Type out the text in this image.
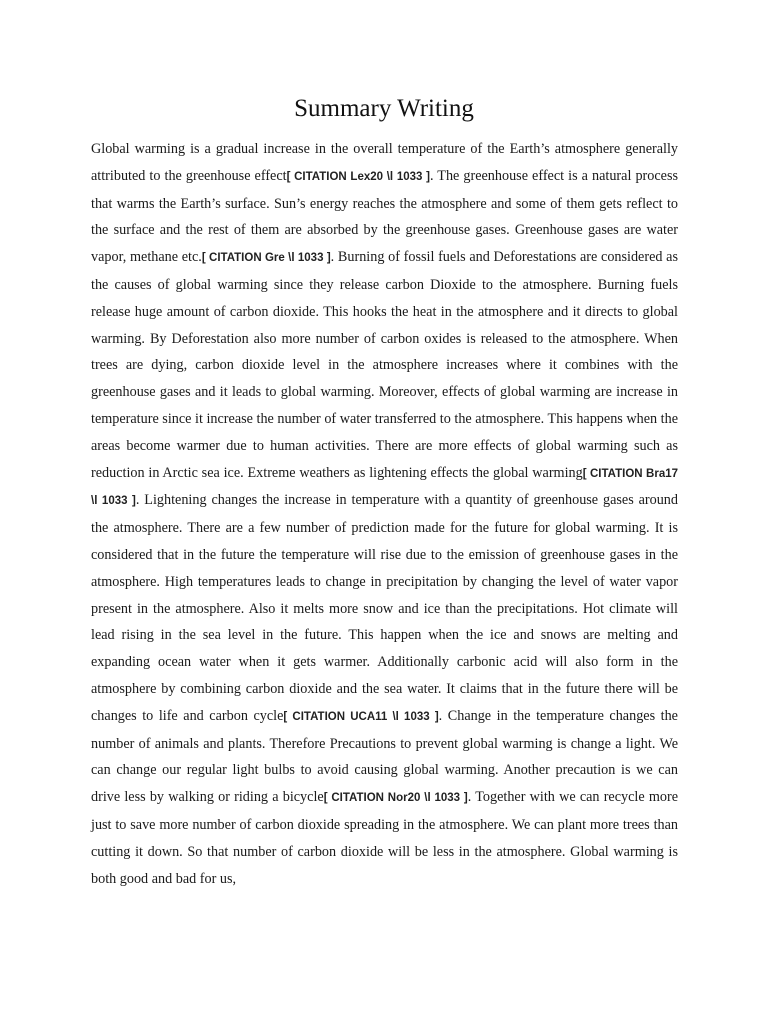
Summary Writing

Global warming is a gradual increase in the overall temperature of the Earth’s atmosphere generally attributed to the greenhouse effect[ CITATION Lex20 \l 1033 ]. The greenhouse effect is a natural process that warms the Earth’s surface. Sun’s energy reaches the atmosphere and some of them gets reflect to the surface and the rest of them are absorbed by the greenhouse gases. Greenhouse gases are water vapor, methane etc.[ CITATION Gre \l 1033 ]. Burning of fossil fuels and Deforestations are considered as the causes of global warming since they release carbon Dioxide to the atmosphere. Burning fuels release huge amount of carbon dioxide. This hooks the heat in the atmosphere and it directs to global warming. By Deforestation also more number of carbon oxides is released to the atmosphere. When trees are dying, carbon dioxide level in the atmosphere increases where it combines with the greenhouse gases and it leads to global warming. Moreover, effects of global warming are increase in temperature since it increase the number of water transferred to the atmosphere. This happens when the areas become warmer due to human activities. There are more effects of global warming such as reduction in Arctic sea ice. Extreme weathers as lightening effects the global warming[ CITATION Bra17 \l 1033 ]. Lightening changes the increase in temperature with a quantity of greenhouse gases around the atmosphere. There are a few number of prediction made for the future for global warming. It is considered that in the future the temperature will rise due to the emission of greenhouse gases in the atmosphere. High temperatures leads to change in precipitation by changing the level of water vapor present in the atmosphere. Also it melts more snow and ice than the precipitations. Hot climate will lead rising in the sea level in the future. This happen when the ice and snows are melting and expanding ocean water when it gets warmer. Additionally carbonic acid will also form in the atmosphere by combining carbon dioxide and the sea water. It claims that in the future there will be changes to life and carbon cycle[ CITATION UCA11 \l 1033 ]. Change in the temperature changes the number of animals and plants. Therefore Precautions to prevent global warming is change a light. We can change our regular light bulbs to avoid causing global warming. Another precaution is we can drive less by walking or riding a bicycle[ CITATION Nor20 \l 1033 ]. Together with we can recycle more just to save more number of carbon dioxide spreading in the atmosphere. We can plant more trees than cutting it down. So that number of carbon dioxide will be less in the atmosphere. Global warming is both good and bad for us,
